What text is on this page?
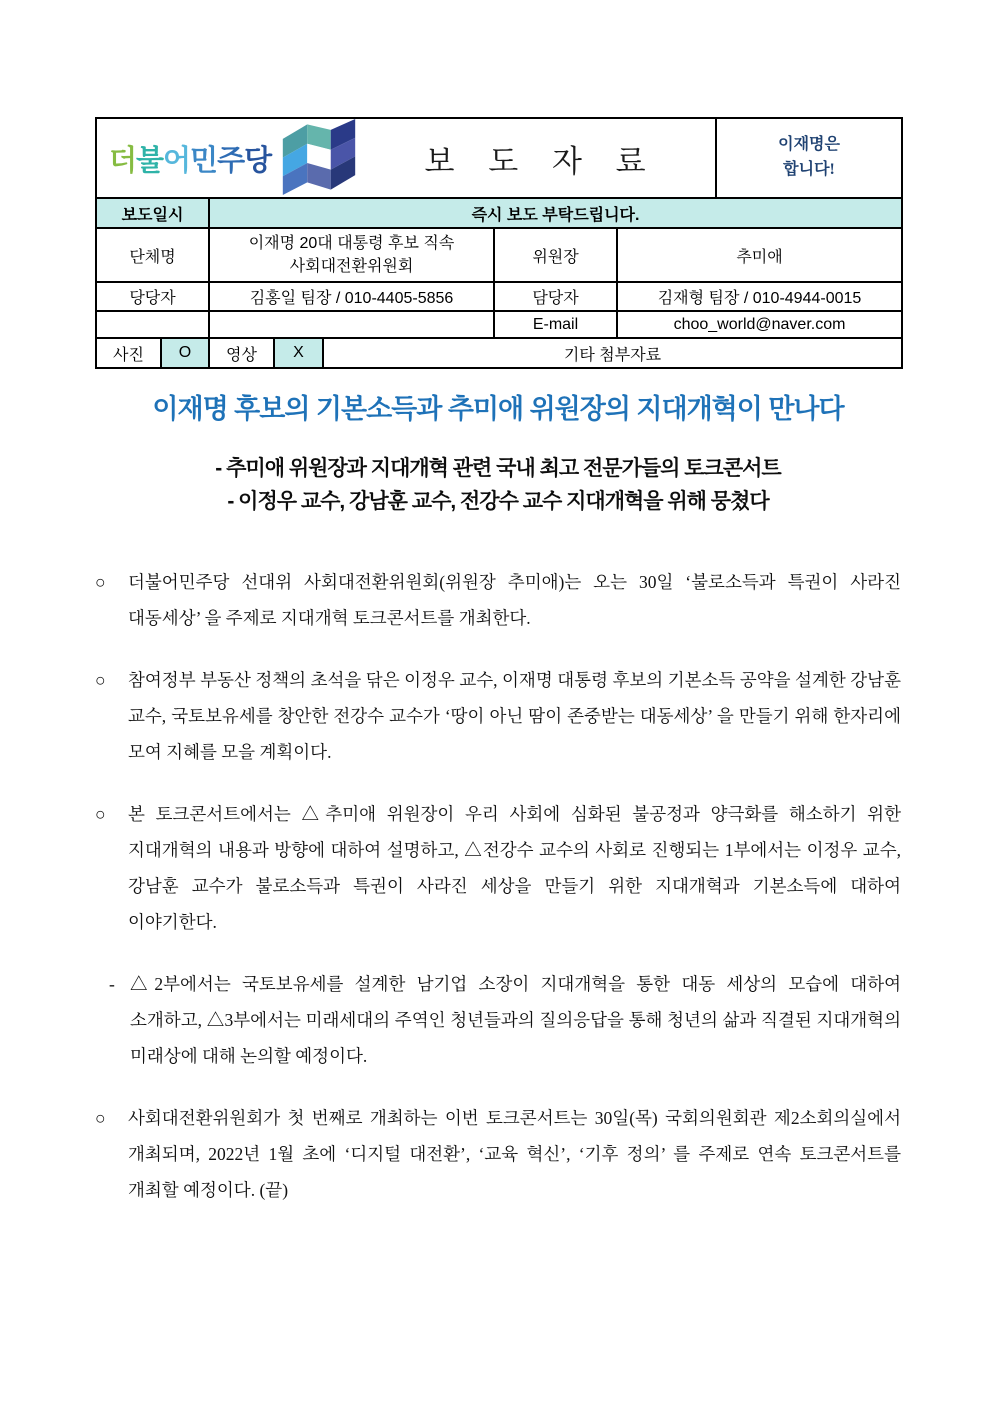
더불어민주당	보 도 자 료	이재명은
합니다!

보도일시		즉시 보도 부탁드립니다.					
단체명		이재명 20대 대통령 후보 직속
사회대전환위원회			위원장	추미애	
당당자		김홍일 팀장 / 010-4405-5856			담당자	김재형 팀장 / 010-4944-0015	
					E-mail	choo_world@naver.com	
사진	O	영상	X	기타 첨부자료			
이재명 후보의 기본소득과 추미애 위원장의 지대개혁이 만나다
- 추미애 위원장과 지대개혁 관련 국내 최고 전문가들의 토크콘서트
- 이정우 교수, 강남훈 교수, 전강수 교수 지대개혁을 위해 뭉쳤다
○	더불어민주당 선대위 사회대전환위원회(위원장 추미애)는 오는 30일 ‘불로소득과 특권이 사라진 대동세상’ 을 주제로 지대개혁 토크콘서트를 개최한다.
○	참여정부 부동산 정책의 초석을 닦은 이정우 교수, 이재명 대통령 후보의 기본소득 공약을 설계한 강남훈 교수, 국토보유세를 창안한 전강수 교수가 ‘땅이 아닌 땀이 존중받는 대동세상’ 을 만들기 위해 한자리에 모여 지혜를 모을 계획이다.
○	본 토크콘서트에서는 △추미애 위원장이 우리 사회에 심화된 불공정과 양극화를 해소하기 위한 지대개혁의 내용과 방향에 대하여 설명하고, △전강수 교수의 사회로 진행되는 1부에서는 이정우 교수, 강남훈 교수가 불로소득과 특권이 사라진 세상을 만들기 위한 지대개혁과 기본소득에 대하여 이야기한다.
- △2부에서는 국토보유세를 설계한 남기업 소장이 지대개혁을 통한 대동 세상의 모습에 대하여 소개하고, △3부에서는 미래세대의 주역인 청년들과의 질의응답을 통해 청년의 삶과 직결된 지대개혁의 미래상에 대해 논의할 예정이다.
○	사회대전환위원회가 첫 번째로 개최하는 이번 토크콘서트는 30일(목) 국회의원회관 제2소회의실에서 개최되며, 2022년 1월 초에 ‘디지털 대전환’, ‘교육 혁신’, ‘기후 정의’ 를 주제로 연속 토크콘서트를 개최할 예정이다. (끝)
